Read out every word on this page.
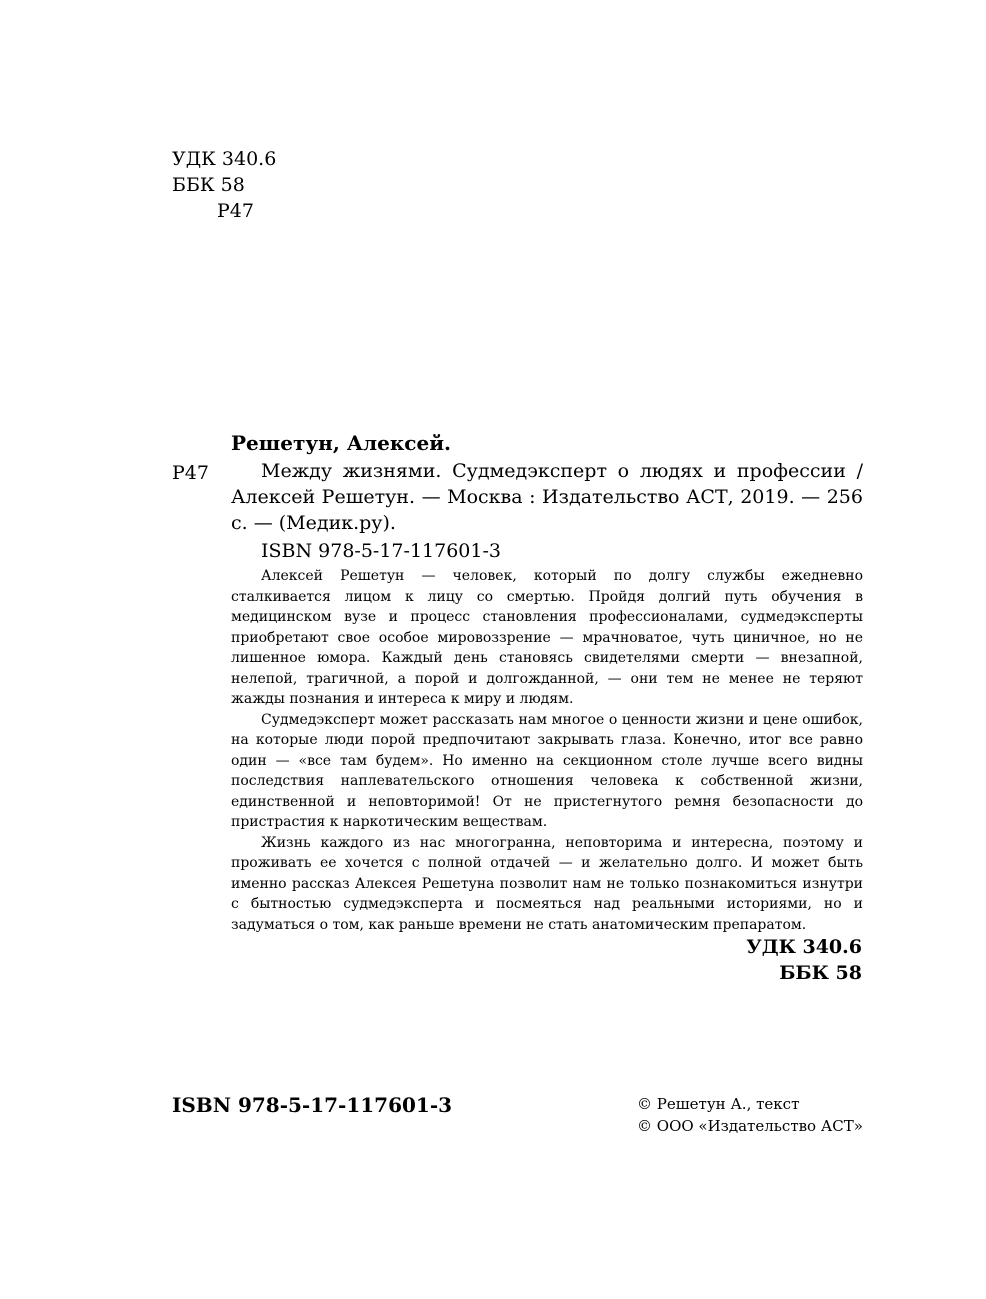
УДК 340.6
ББК 58
Р47
Решетун, Алексей.
Р47	Между жизнями. Судмедэксперт о людях и профессии / Алексей Решетун. — Москва : Издательство АСТ, 2019. — 256 с. — (Медик.ру).
ISBN 978-5-17-117601-3

Алексей Решетун — человек, который по долгу службы ежедневно сталкивается лицом к лицу со смертью. Пройдя долгий путь обучения в медицинском вузе и процесс становления профессионалами, судмедэксперты приобретают свое особое мировоззрение — мрачноватое, чуть циничное, но не лишенное юмора. Каждый день становясь свидетелями смерти — внезапной, нелепой, трагичной, а порой и долгожданной, — они тем не менее не теряют жажды познания и интереса к миру и людям.

Судмедэксперт может рассказать нам многое о ценности жизни и цене ошибок, на которые люди порой предпочитают закрывать глаза. Конечно, итог все равно один — «все там будем». Но именно на секционном столе лучше всего видны последствия наплевательского отношения человека к собственной жизни, единственной и неповторимой! От не пристегнутого ремня безопасности до пристрастия к наркотическим веществам.

Жизнь каждого из нас многогранна, неповторима и интересна, поэтому и проживать ее хочется с полной отдачей — и желательно долго. И может быть именно рассказ Алексея Решетуна позволит нам не только познакомиться изнутри с бытностью судмедэксперта и посмеяться над реальными историями, но и задуматься о том, как раньше времени не стать анатомическим препаратом.

УДК 340.6
ББК 58
ISBN 978-5-17-117601-3	© Решетун А., текст
© ООО «Издательство АСТ»
